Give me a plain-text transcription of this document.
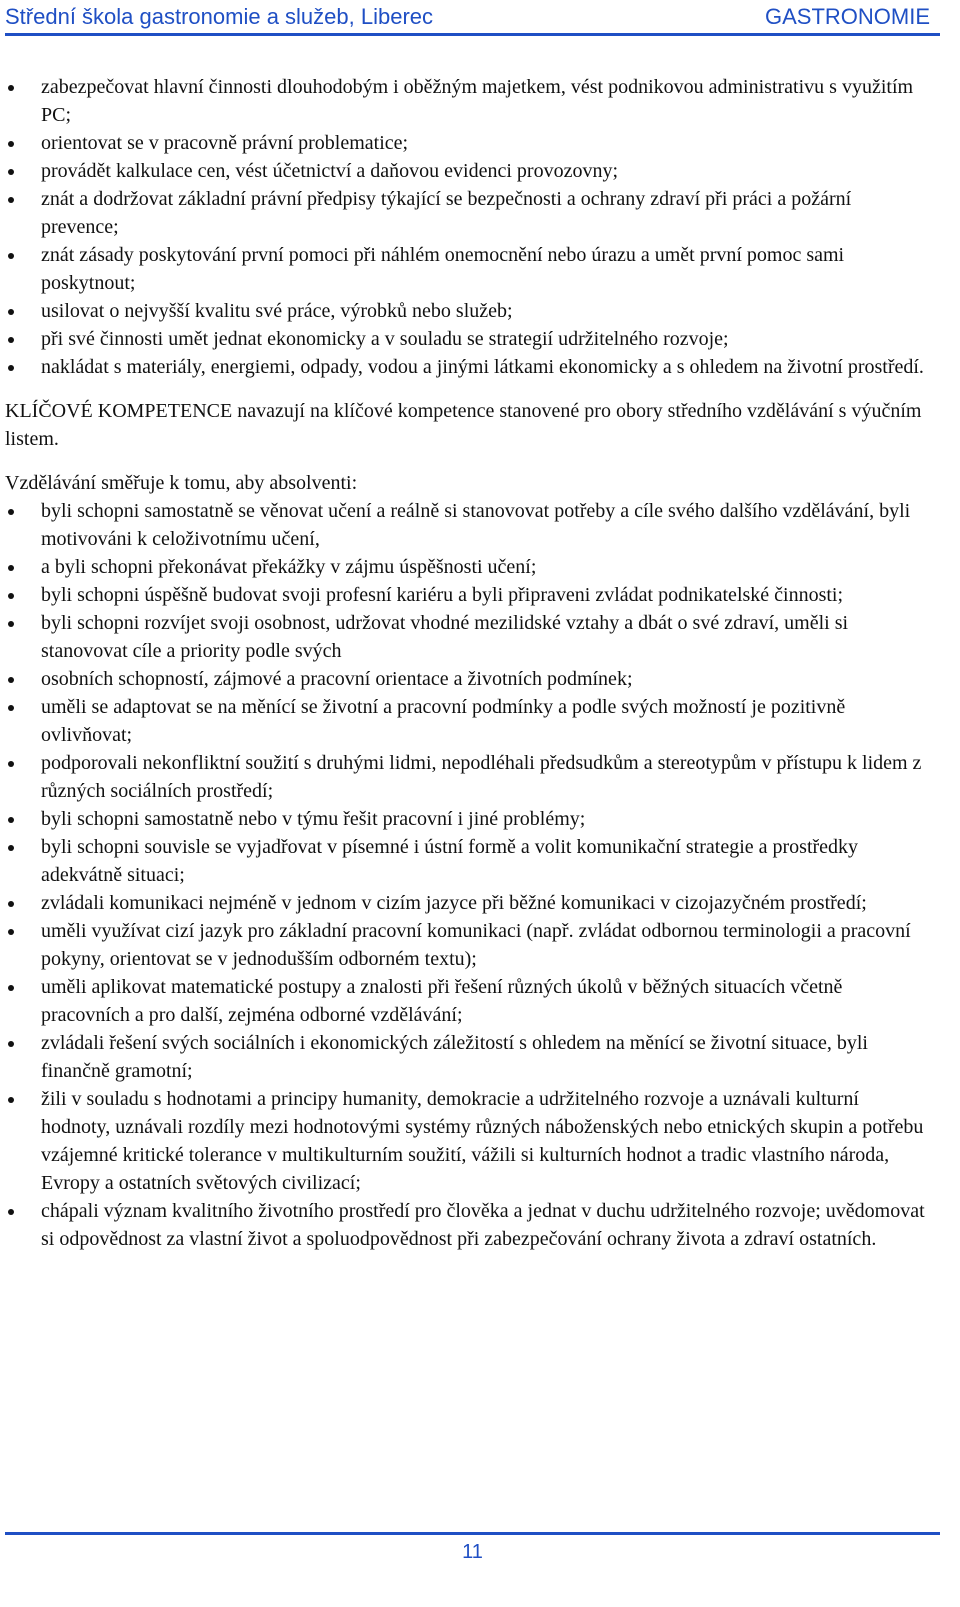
Střední škola gastronomie a služeb, Liberec	GASTRONOMIE
zabezpečovat hlavní činnosti dlouhodobým i oběžným majetkem, vést podnikovou administrativu s využitím PC;
orientovat se v pracovně právní problematice;
provádět kalkulace cen, vést účetnictví a daňovou evidenci provozovny;
znát a dodržovat základní právní předpisy týkající se bezpečnosti a ochrany zdraví při práci a požární prevence;
znát zásady poskytování první pomoci při náhlém onemocnění nebo úrazu a umět první pomoc sami poskytnout;
usilovat o nejvyšší kvalitu své práce, výrobků nebo služeb;
při své činnosti umět jednat ekonomicky a v souladu se strategií udržitelného rozvoje;
nakládat s materiály, energiemi, odpady, vodou a jinými látkami ekonomicky a s ohledem na životní prostředí.

KLÍČOVÉ KOMPETENCE navazují na klíčové kompetence stanovené pro obory středního vzdělávání s výučním listem.

Vzdělávání směřuje k tomu, aby absolventi:

byli schopni samostatně se věnovat učení a reálně si stanovovat potřeby a cíle svého dalšího vzdělávání, byli motivováni k celoživotnímu učení,
a byli schopni překonávat překážky v zájmu úspěšnosti učení;
byli schopni úspěšně budovat svoji profesní kariéru a byli připraveni zvládat podnikatelské činnosti;
byli schopni rozvíjet svoji osobnost, udržovat vhodné mezilidské vztahy a dbát o své zdraví, uměli si stanovovat cíle a priority podle svých
osobních schopností, zájmové a pracovní orientace a životních podmínek;
uměli se adaptovat se na měnící se životní a pracovní podmínky a podle svých možností je pozitivně ovlivňovat;
podporovali nekonfliktní soužití s druhými lidmi, nepodléhali předsudkům a stereotypům v přístupu k lidem z různých sociálních prostředí;
byli schopni samostatně nebo v týmu řešit pracovní i jiné problémy;
byli schopni souvisle se vyjadřovat v písemné i ústní formě a volit komunikační strategie a prostředky adekvátně situaci;
zvládali komunikaci nejméně v jednom v cizím jazyce při běžné komunikaci v cizojazyčném prostředí;
uměli využívat cizí jazyk pro základní pracovní komunikaci (např. zvládat odbornou terminologii a pracovní pokyny, orientovat se v jednodušším odborném textu);
uměli aplikovat matematické postupy a znalosti při řešení různých úkolů v běžných situacích včetně pracovních a pro další, zejména odborné vzdělávání;
zvládali řešení svých sociálních i ekonomických záležitostí s ohledem na měnící se životní situace, byli finančně gramotní;
žili v souladu s hodnotami a principy humanity, demokracie a udržitelného rozvoje a uznávali kulturní hodnoty, uznávali rozdíly mezi hodnotovými systémy různých náboženských nebo etnických skupin a potřebu vzájemné kritické tolerance v multikulturním soužití, vážili si kulturních hodnot a tradic vlastního národa, Evropy a ostatních světových civilizací;
chápali význam kvalitního životního prostředí pro člověka a jednat v duchu udržitelného rozvoje; uvědomovat si odpovědnost za vlastní život a spoluodpovědnost při zabezpečování ochrany života a zdraví ostatních.
11
